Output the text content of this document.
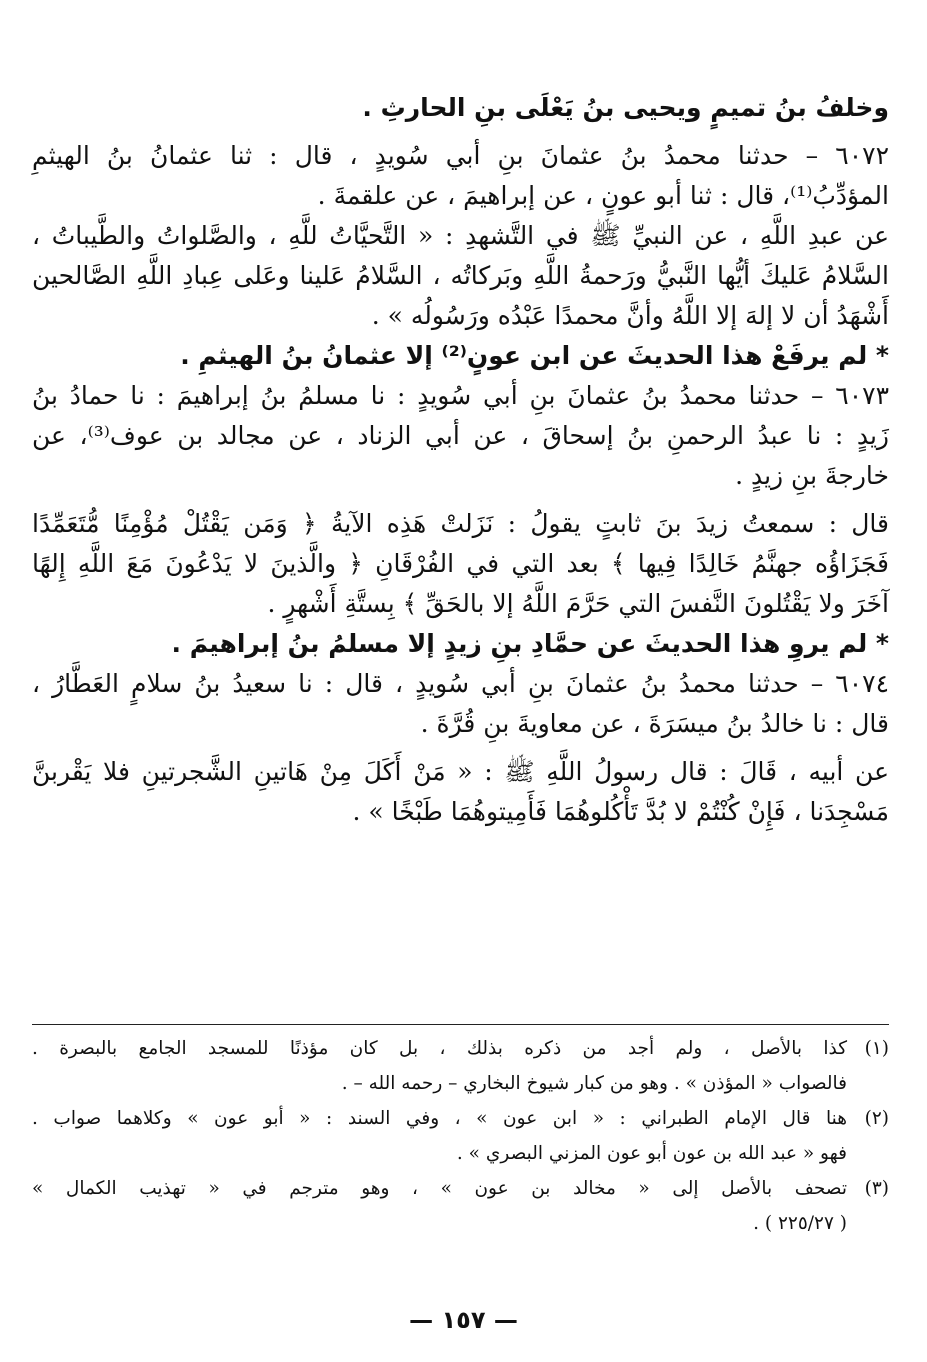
وخلفُ بنُ تميمٍ ويحيى بنُ يَعْلَى بنِ الحارثِ .
٦٠٧٢ – حدثنا محمدُ بنُ عثمانَ بنِ أبي سُويدٍ ، قال : ثنا عثمانُ بنُ الهيثمِ
المؤدِّبُ⁽¹⁾، قال : ثنا أبو عونٍ ، عن إبراهيمَ ، عن علقمةَ .
عن عبدِ اللَّهِ ، عن النبيِّ ﷺ في التَّشهدِ : « التَّحيَّاتُ للَّهِ ، والصَّلواتُ والطَّيباتُ ،
السَّلامُ عَليكَ أيُّها النَّبيُّ ورَحمةُ اللَّهِ وبَركاتُه ، السَّلامُ عَلينا وعَلى عِبادِ اللَّهِ الصَّالحين
أَشْهَدُ أن لا إلهَ إلا اللَّهُ وأنَّ محمدًا عَبْدُه ورَسُولُه » .
* لم يرفَعْ هذا الحديثَ عن ابن عونٍ⁽²⁾ إلا عثمانُ بنُ الهيثمِ .
٦٠٧٣ – حدثنا محمدُ بنُ عثمانَ بنِ أبي سُويدٍ : نا مسلمُ بنُ إبراهيمَ : نا حمادُ بنُ
زَيدٍ : نا عبدُ الرحمنِ بنُ إسحاقَ ، عن أبي الزناد ، عن مجالد بن عوف⁽³⁾، عن
خارجةَ بنِ زيدٍ .
قال : سمعتُ زيدَ بنَ ثابتٍ يقولُ : نَزَلتْ هَذِه الآيةُ ﴿ وَمَن يَقْتُلْ مُؤْمِنًا مُّتَعَمِّدًا
فَجَزَاؤُه جهنَّمُ خَالِدًا فِيها ﴾ بعد التي في الفُرْقَانِ ﴿ والَّذينَ لا يَدْعُونَ مَعَ اللَّهِ إِلهًا
آخَرَ ولا يَقْتُلونَ النَّفسَ التي حَرَّمَ اللَّهُ إلا بالحَقِّ ﴾ بِستَّةِ أَشْهرٍ .
* لم يروِ هذا الحديثَ عن حمَّادِ بنِ زيدٍ إلا مسلمُ بنُ إبراهيمَ .
٦٠٧٤ – حدثنا محمدُ بنُ عثمانَ بنِ أبي سُويدٍ ، قال : نا سعيدُ بنُ سلامٍ العَطَّارُ ،
قال : نا خالدُ بنُ ميسَرَةَ ، عن معاويةَ بنِ قُرَّةَ .
عن أبيه ، قَالَ : قال رسولُ اللَّهِ ﷺ : « مَنْ أَكَلَ مِنْ هَاتينِ الشَّجرتينِ فلا يَقْربنَّ
مَسْجِدَنا ، فَإِنْ كُنْتُمْ لا بُدَّ تَأْكُلوهُمَا فَأَمِيتوهُمَا طَبْخًا » .
(١)
كذا بالأصل ، ولم أجد من ذكره بذلك ، بل كان مؤذنًا للمسجد الجامع بالبصرة .
فالصواب « المؤذن » . وهو من كبار شيوخ البخاري – رحمه الله – .
(٢)
هنا قال الإمام الطبراني : « ابن عون » ، وفي السند : « أبو عون » وكلاهما صواب .
فهو « عبد الله بن عون أبو عون المزني البصري » .
(٣)
تصحف بالأصل إلى « مخالد بن عون » ، وهو مترجم في « تهذيب الكمال »
( ٢٢٥/٢٧ ) .
— ١٥٧ —
